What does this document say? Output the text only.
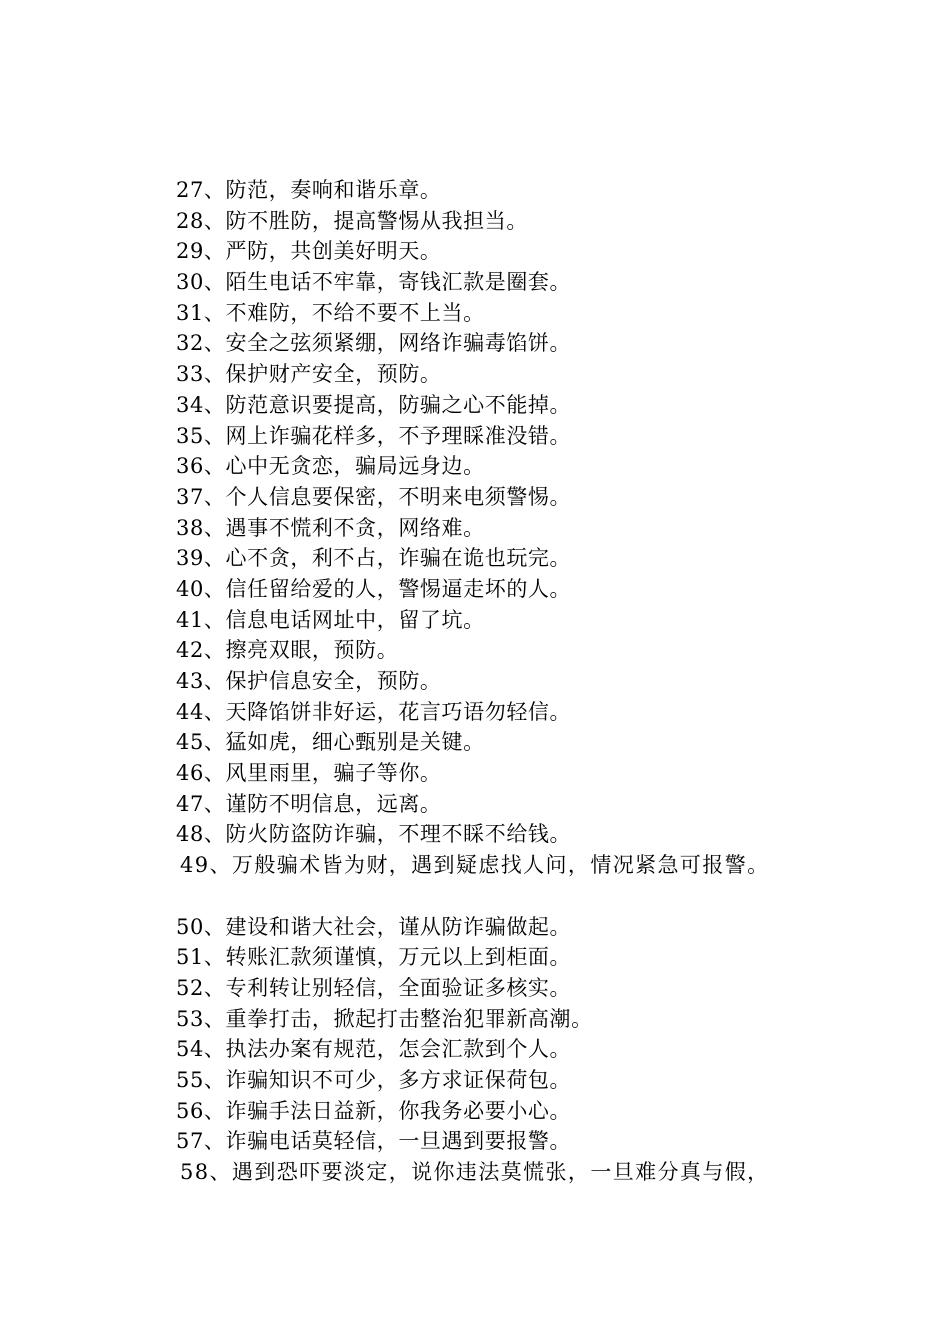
27、防范，奏响和谐乐章。
28、防不胜防，提高警惕从我担当。
29、严防，共创美好明天。
30、陌生电话不牢靠，寄钱汇款是圈套。
31、不难防，不给不要不上当。
32、安全之弦须紧绷，网络诈骗毒馅饼。
33、保护财产安全，预防。
34、防范意识要提高，防骗之心不能掉。
35、网上诈骗花样多，不予理睬准没错。
36、心中无贪恋，骗局远身边。
37、个人信息要保密，不明来电须警惕。
38、遇事不慌利不贪，网络难。
39、心不贪，利不占，诈骗在诡也玩完。
40、信任留给爱的人，警惕逼走坏的人。
41、信息电话网址中，留了坑。
42、擦亮双眼，预防。
43、保护信息安全，预防。
44、天降馅饼非好运，花言巧语勿轻信。
45、猛如虎，细心甄别是关键。
46、风里雨里，骗子等你。
47、谨防不明信息，远离。
48、防火防盗防诈骗，不理不睬不给钱。
49、万般骗术皆为财，遇到疑虑找人问，情况紧急可报警。
50、建设和谐大社会，谨从防诈骗做起。
51、转账汇款须谨慎，万元以上到柜面。
52、专利转让别轻信，全面验证多核实。
53、重拳打击，掀起打击整治犯罪新高潮。
54、执法办案有规范，怎会汇款到个人。
55、诈骗知识不可少，多方求证保荷包。
56、诈骗手法日益新，你我务必要小心。
57、诈骗电话莫轻信，一旦遇到要报警。
58、遇到恐吓要淡定，说你违法莫慌张，一旦难分真与假，
